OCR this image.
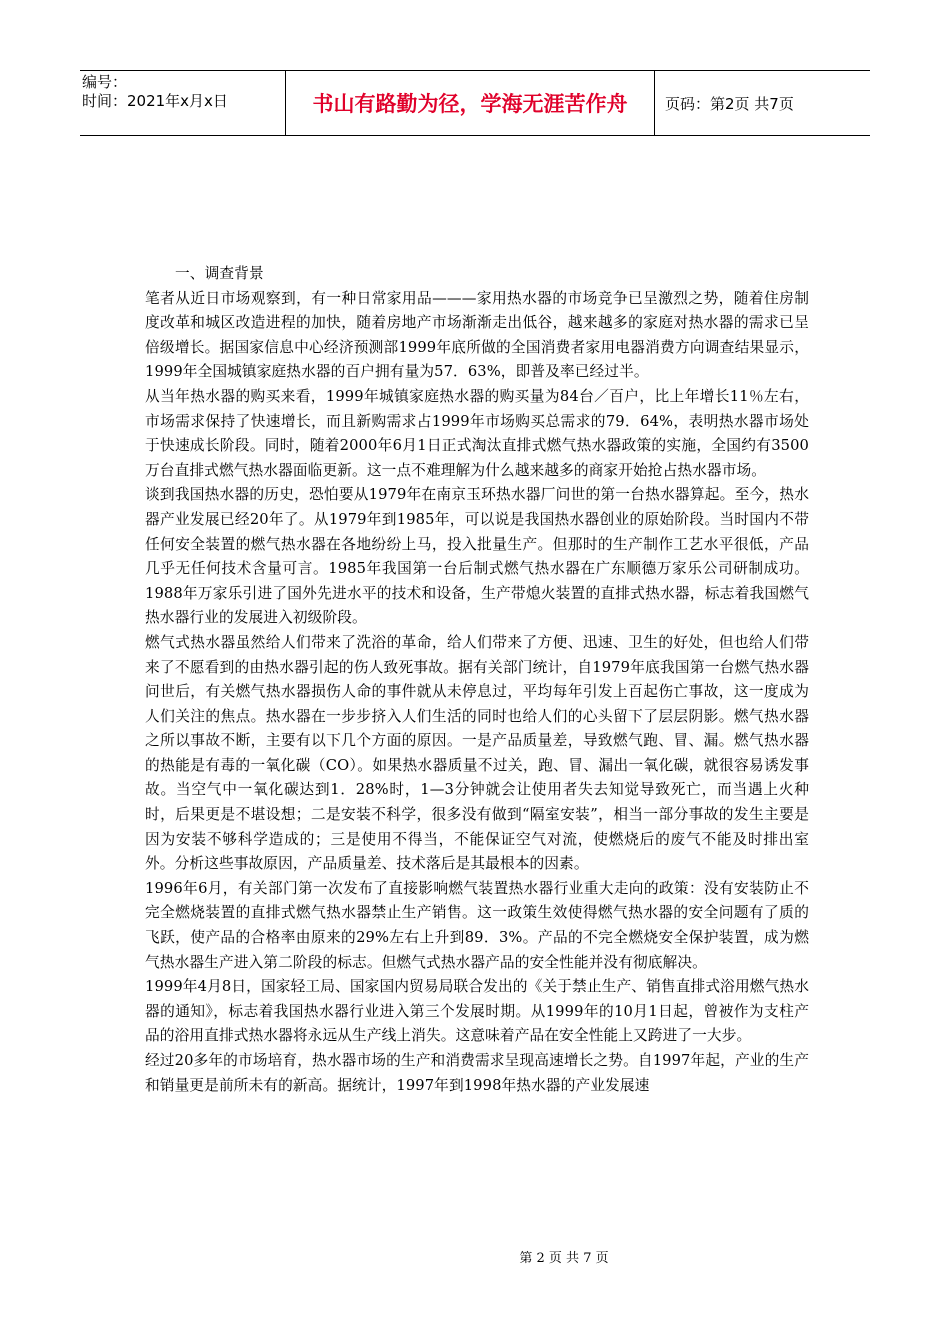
编号：
时间：2021年x月x日	书山有路勤为径，学海无涯苦作舟	页码：第2页 共7页

一、调查背景

笔者从近日市场观察到，有一种日常家用品———家用热水器的市场竞争已呈激烈之势，随着住房制度改革和城区改造进程的加快，随着房地产市场渐渐走出低谷，越来越多的家庭对热水器的需求已呈倍级增长。据国家信息中心经济预测部1999年底所做的全国消费者家用电器消费方向调查结果显示，1999年全国城镇家庭热水器的百户拥有量为57．63%，即普及率已经过半。

从当年热水器的购买来看，1999年城镇家庭热水器的购买量为84台／百户，比上年增长11％左右，市场需求保持了快速增长，而且新购需求占1999年市场购买总需求的79．64%，表明热水器市场处于快速成长阶段。同时，随着2000年6月1日正式淘汰直排式燃气热水器政策的实施，全国约有3500万台直排式燃气热水器面临更新。这一点不难理解为什么越来越多的商家开始抢占热水器市场。

谈到我国热水器的历史，恐怕要从1979年在南京玉环热水器厂问世的第一台热水器算起。至今，热水器产业发展已经20年了。从1979年到1985年，可以说是我国热水器创业的原始阶段。当时国内不带任何安全装置的燃气热水器在各地纷纷上马，投入批量生产。但那时的生产制作工艺水平很低，产品几乎无任何技术含量可言。1985年我国第一台后制式燃气热水器在广东顺德万家乐公司研制成功。1988年万家乐引进了国外先进水平的技术和设备，生产带熄火装置的直排式热水器，标志着我国燃气热水器行业的发展进入初级阶段。

燃气式热水器虽然给人们带来了洗浴的革命，给人们带来了方便、迅速、卫生的好处，但也给人们带来了不愿看到的由热水器引起的伤人致死事故。据有关部门统计，自1979年底我国第一台燃气热水器问世后，有关燃气热水器损伤人命的事件就从未停息过，平均每年引发上百起伤亡事故，这一度成为人们关注的焦点。热水器在一步步挤入人们生活的同时也给人们的心头留下了层层阴影。燃气热水器之所以事故不断，主要有以下几个方面的原因。一是产品质量差，导致燃气跑、冒、漏。燃气热水器的热能是有毒的一氧化碳（CO）。如果热水器质量不过关，跑、冒、漏出一氧化碳，就很容易诱发事故。当空气中一氧化碳达到1．28%时，1—3分钟就会让使用者失去知觉导致死亡，而当遇上火种时，后果更是不堪设想；二是安装不科学，很多没有做到“隔室安装”，相当一部分事故的发生主要是因为安装不够科学造成的；三是使用不得当，不能保证空气对流，使燃烧后的废气不能及时排出室外。分析这些事故原因，产品质量差、技术落后是其最根本的因素。

1996年6月，有关部门第一次发布了直接影响燃气装置热水器行业重大走向的政策：没有安装防止不完全燃烧装置的直排式燃气热水器禁止生产销售。这一政策生效使得燃气热水器的安全问题有了质的飞跃，使产品的合格率由原来的29%左右上升到89．3%。产品的不完全燃烧安全保护装置，成为燃气热水器生产进入第二阶段的标志。但燃气式热水器产品的安全性能并没有彻底解决。

1999年4月8日，国家轻工局、国家国内贸易局联合发出的《关于禁止生产、销售直排式浴用燃气热水器的通知》，标志着我国热水器行业进入第三个发展时期。从1999年的10月1日起，曾被作为支柱产品的浴用直排式热水器将永远从生产线上消失。这意味着产品在安全性能上又跨进了一大步。

经过20多年的市场培育，热水器市场的生产和消费需求呈现高速增长之势。自1997年起，产业的生产和销量更是前所未有的新高。据统计，1997年到1998年热水器的产业发展速

第 2 页 共 7 页
